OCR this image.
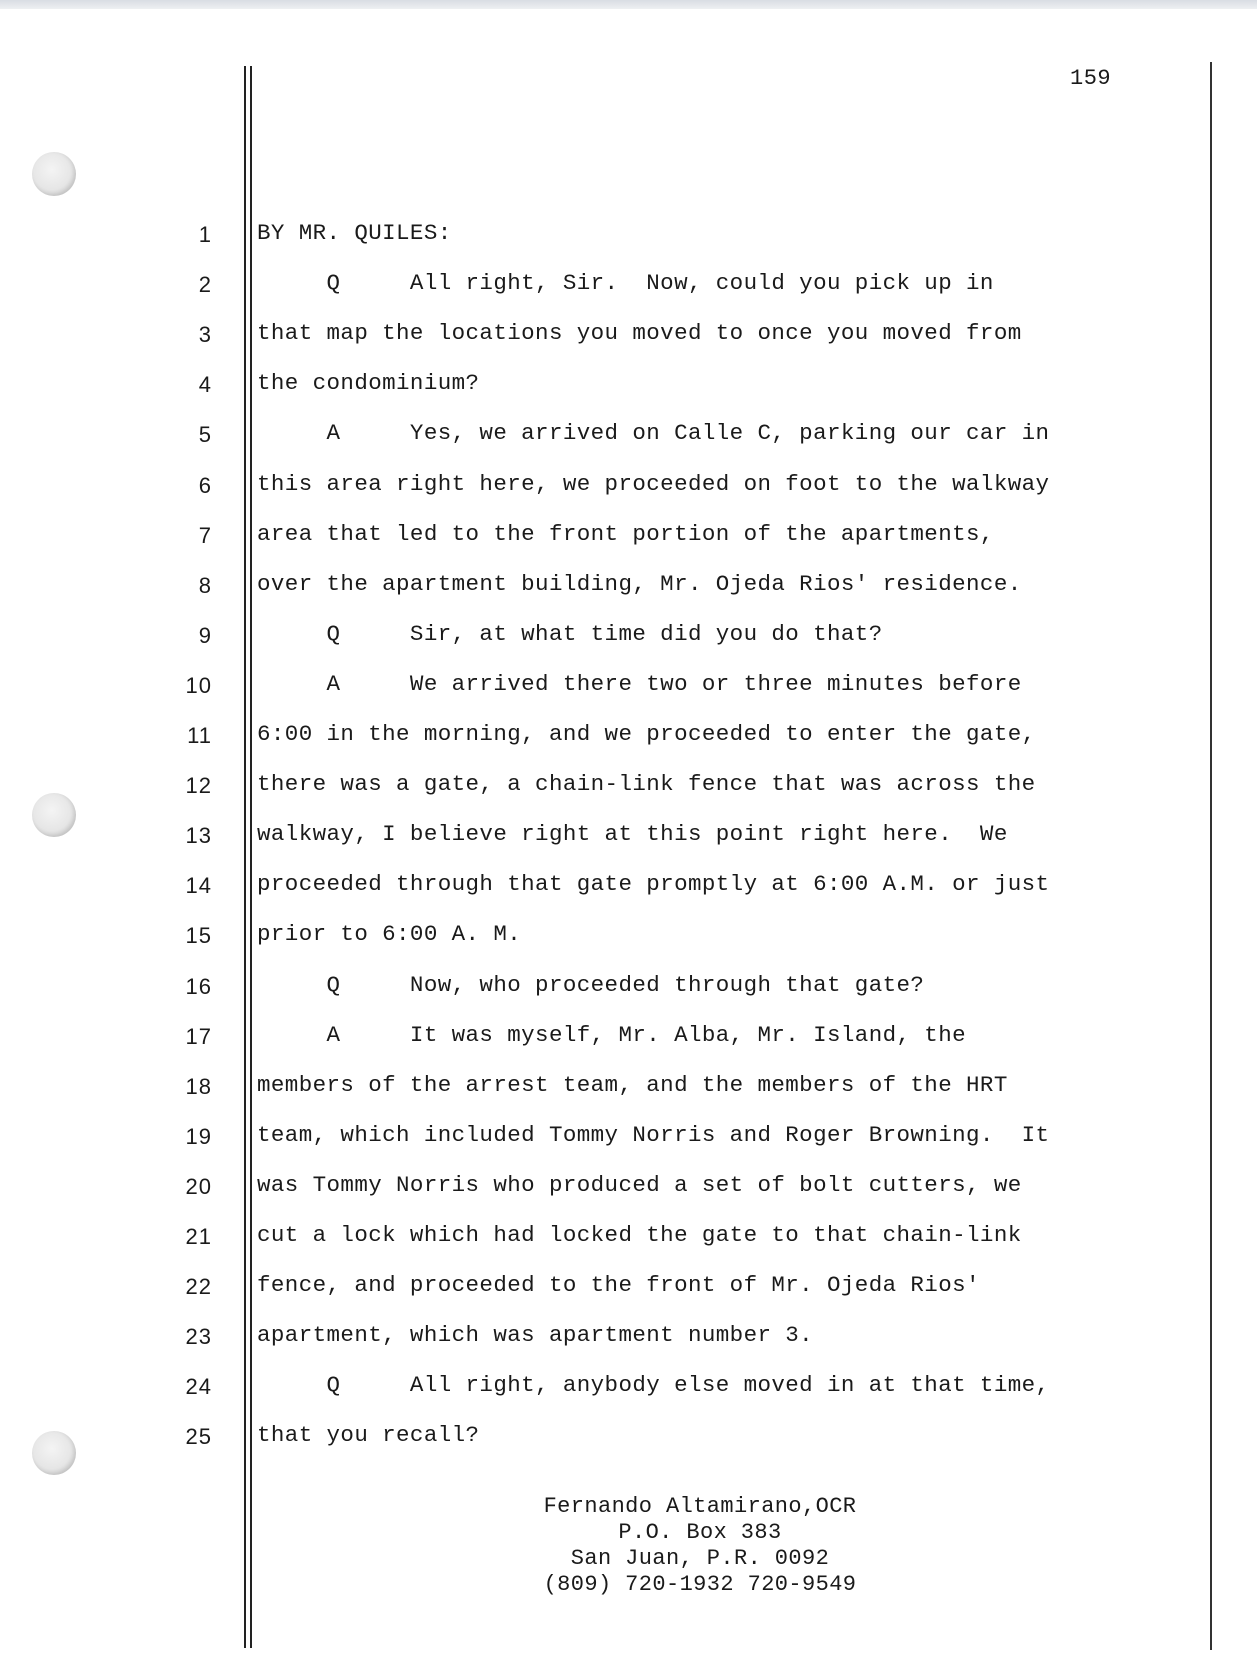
159
1 BY MR. QUILES:
2 Q     All right, Sir.  Now, could you pick up in
3 that map the locations you moved to once you moved from
4 the condominium?
5 A     Yes, we arrived on Calle C, parking our car in
6 this area right here, we proceeded on foot to the walkway
7 area that led to the front portion of the apartments,
8 over the apartment building, Mr. Ojeda Rios' residence.
9 Q     Sir, at what time did you do that?
10 A     We arrived there two or three minutes before
11 6:00 in the morning, and we proceeded to enter the gate,
12 there was a gate, a chain-link fence that was across the
13 walkway, I believe right at this point right here.  We
14 proceeded through that gate promptly at 6:00 A.M. or just
15 prior to 6:00 A. M.
16 Q     Now, who proceeded through that gate?
17 A     It was myself, Mr. Alba, Mr. Island, the
18 members of the arrest team, and the members of the HRT
19 team, which included Tommy Norris and Roger Browning.  It
20 was Tommy Norris who produced a set of bolt cutters, we
21 cut a lock which had locked the gate to that chain-link
22 fence, and proceeded to the front of Mr. Ojeda Rios'
23 apartment, which was apartment number 3.
24 Q     All right, anybody else moved in at that time,
25 that you recall?
Fernando Altamirano,OCR
P.O. Box 383
San Juan, P.R. 0092
(809) 720-1932 720-9549
